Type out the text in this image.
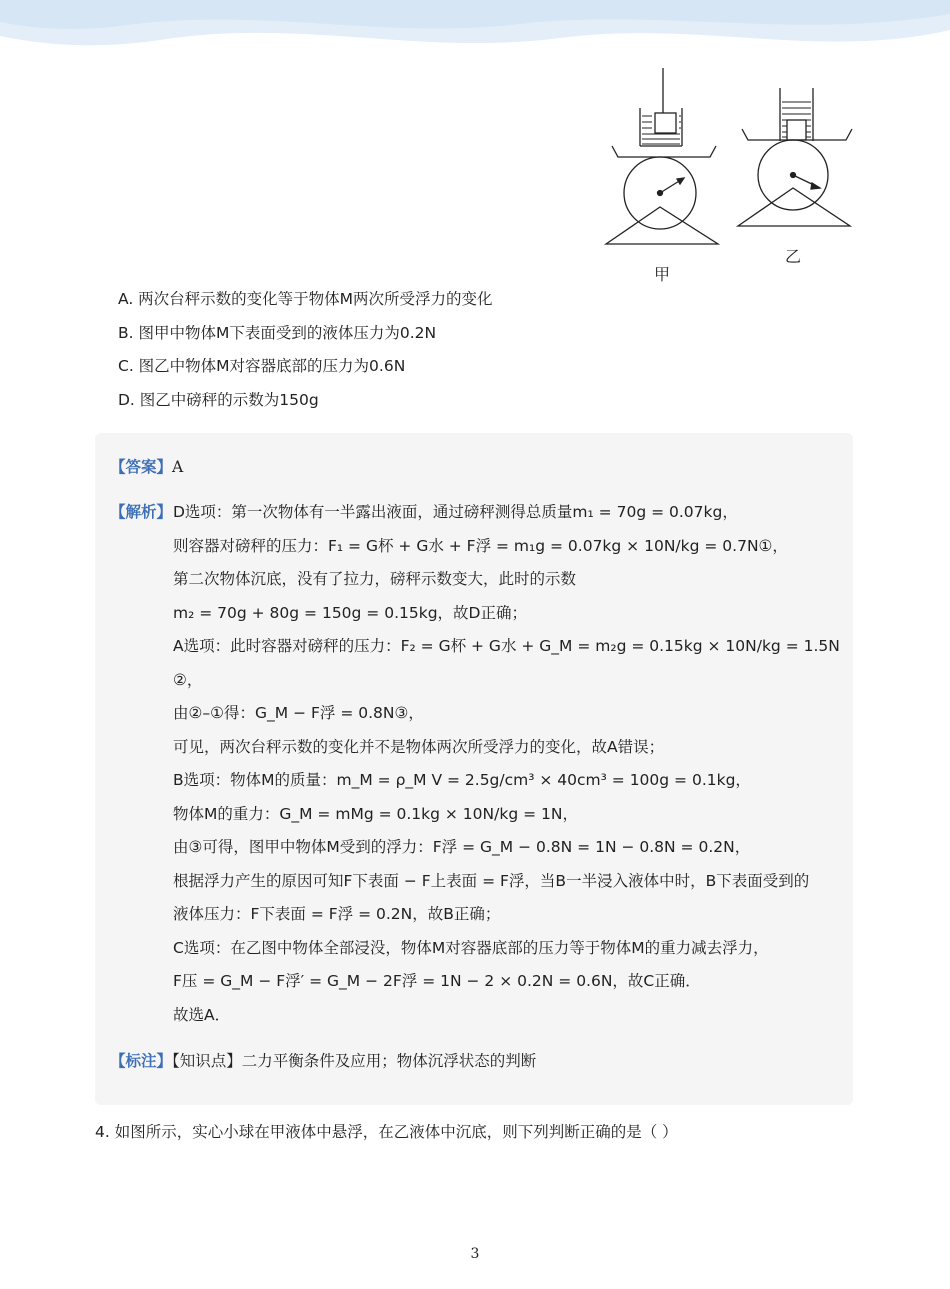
甲
乙
A. 两次台秤示数的变化等于物体M两次所受浮力的变化
B. 图甲中物体M下表面受到的液体压力为0.2N
C. 图乙中物体M对容器底部的压力为0.6N
D. 图乙中磅秤的示数为150g
【答案】A
【解析】 D选项：第一次物体有一半露出液面，通过磅秤测得总质量m₁ = 70g = 0.07kg，
则容器对磅秤的压力：F₁ = G杯 + G水 + F浮 = m₁g = 0.07kg × 10N/kg = 0.7N①，
第二次物体沉底，没有了拉力，磅秤示数变大，此时的示数
m₂ = 70g + 80g = 150g = 0.15kg，故D正确；
A选项：此时容器对磅秤的压力：F₂ = G杯 + G水 + G_M = m₂g = 0.15kg × 10N/kg = 1.5N
②，
由②–①得：G_M − F浮 = 0.8N③，
可见，两次台秤示数的变化并不是物体两次所受浮力的变化，故A错误；
B选项：物体M的质量：m_M = ρ_M V = 2.5g/cm³ × 40cm³ = 100g = 0.1kg，
物体M的重力：G_M = mMg = 0.1kg × 10N/kg = 1N，
由③可得，图甲中物体M受到的浮力：F浮 = G_M − 0.8N = 1N − 0.8N = 0.2N，
根据浮力产生的原因可知F下表面 − F上表面 = F浮，当B一半浸入液体中时，B下表面受到的
液体压力：F下表面 = F浮 = 0.2N，故B正确；
C选项：在乙图中物体全部浸没，物体M对容器底部的压力等于物体M的重力减去浮力，
F压 = G_M − F浮′ = G_M − 2F浮 = 1N − 2 × 0.2N = 0.6N，故C正确．
故选A．
【标注】【知识点】二力平衡条件及应用；物体沉浮状态的判断
4. 如图所示，实心小球在甲液体中悬浮，在乙液体中沉底，则下列判断正确的是（ ）
3
